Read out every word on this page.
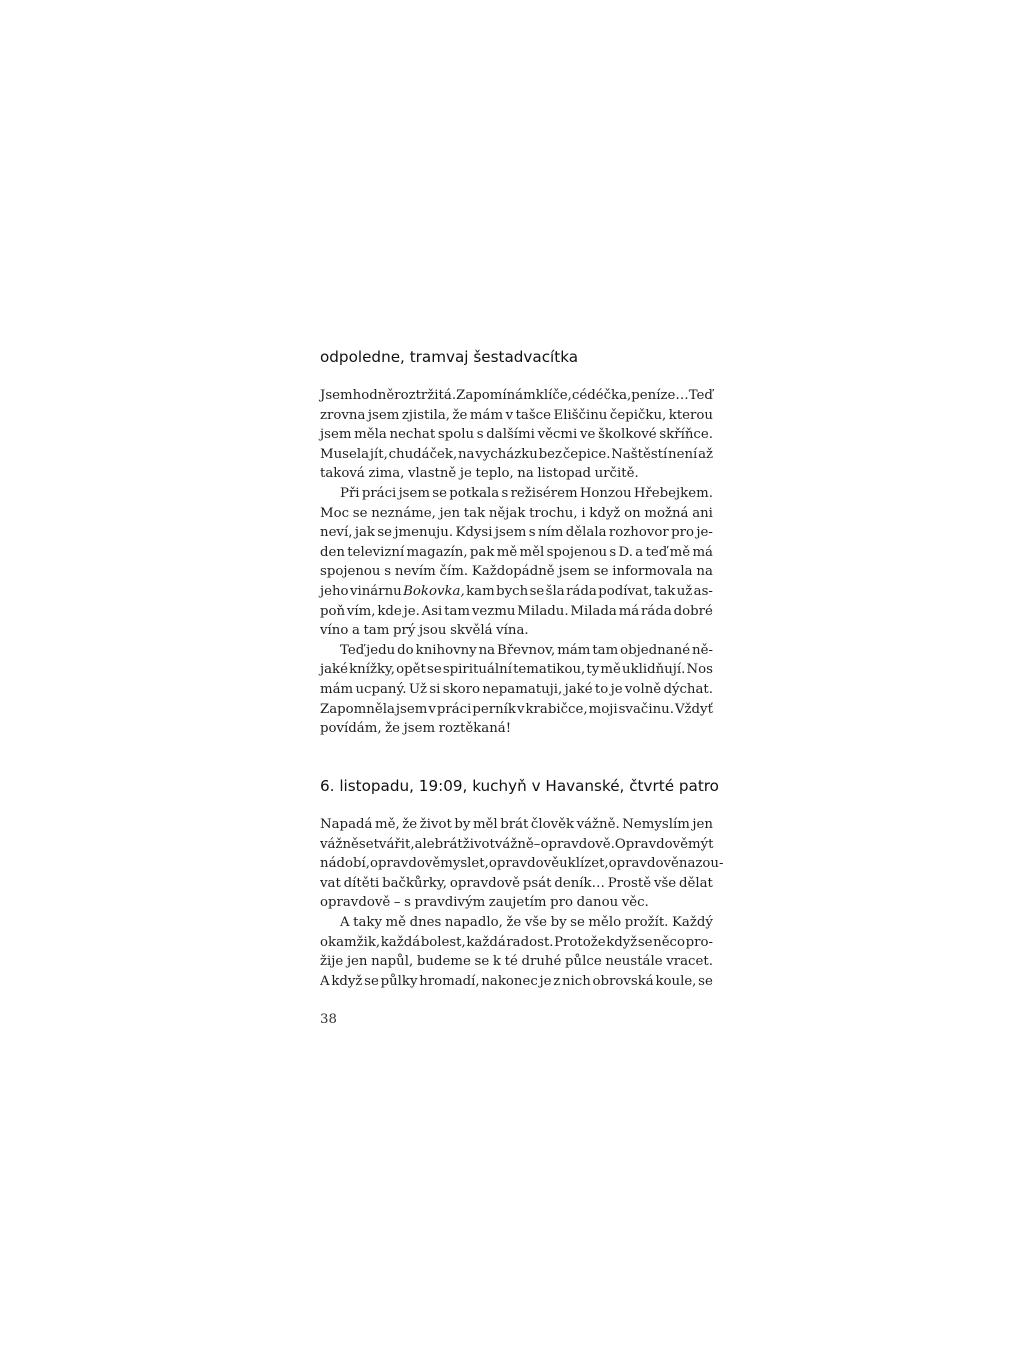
odpoledne, tramvaj šestadvacítka
Jsem hodně roztržitá. Zapomínám klíče, cédéčka, peníze… Teď
zrovna jsem zjistila, že mám v tašce Eliščinu čepičku, kterou
jsem měla nechat spolu s dalšími věcmi ve školkové skříňce.
Musela jít, chudáček, na vycházku bez čepice. Naštěstí není až
taková zima, vlastně je teplo, na listopad určitě.
Při práci jsem se potkala s režisérem Honzou Hřebejkem.
Moc se neznáme, jen tak nějak trochu, i když on možná ani
neví, jak se jmenuju. Kdysi jsem s ním dělala rozhovor pro je-
den televizní magazín, pak mě měl spojenou s D. a teď mě má
spojenou s nevím čím. Každopádně jsem se informovala na
jeho vinárnu Bokovka, kam bych se šla ráda podívat, tak už as-
poň vím, kde je. Asi tam vezmu Miladu. Milada má ráda dobré
víno a tam prý jsou skvělá vína.
Teď jedu do knihovny na Břevnov, mám tam objednané ně-
jaké knížky, opět se spirituální tematikou, ty mě uklidňují. Nos
mám ucpaný. Už si skoro nepamatuji, jaké to je volně dýchat.
Zapomněla jsem v práci perník v krabičce, moji svačinu. Vždyť
povídám, že jsem roztěkaná!
6. listopadu, 19:09, kuchyň v Havanské, čtvrté patro
Napadá mě, že život by měl brát člověk vážně. Nemyslím jen
vážně se tvářit, ale brát život vážně – opravdově. Opravdově mýt
nádobí, opravdově myslet, opravdově uklízet, opravdově nazou-
vat dítěti bačkůrky, opravdově psát deník… Prostě vše dělat
opravdově – s pravdivým zaujetím pro danou věc.
A taky mě dnes napadlo, že vše by se mělo prožít. Každý
okamžik, každá bolest, každá radost. Protože když se něco pro-
žije jen napůl, budeme se k té druhé půlce neustále vracet.
A když se půlky hromadí, nakonec je z nich obrovská koule, se
38
